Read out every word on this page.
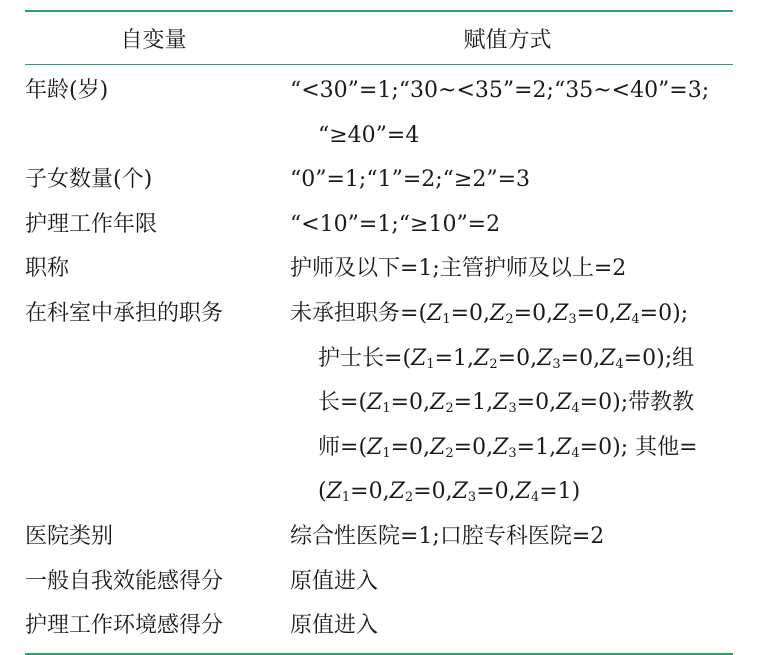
自变量	赋值方式
年龄(岁)	“<30”=1;“30~<35”=2;“35~<40”=3;
“≥40”=4
子女数量(个)	“0”=1;“1”=2;“≥2”=3
护理工作年限	“<10”=1;“≥10”=2
职称	护师及以下=1;主管护师及以上=2
在科室中承担的职务	未承担职务$=(Z_1=0,Z_2=0,Z_3=0,Z_4=0)$;
护士长$=(Z_1=1,Z_2=0,Z_3=0,Z_4=0)$;组
长$=(Z_1=0,Z_2=1,Z_3=0,Z_4=0)$;带教教
师$=(Z_1=0,Z_2=0,Z_3=1,Z_4=0)$; 其他=
$(Z_1=0,Z_2=0,Z_3=0,Z_4=1)$
医院类别	综合性医院=1;口腔专科医院=2
一般自我效能感得分	原值进入
护理工作环境感得分	原值进入
